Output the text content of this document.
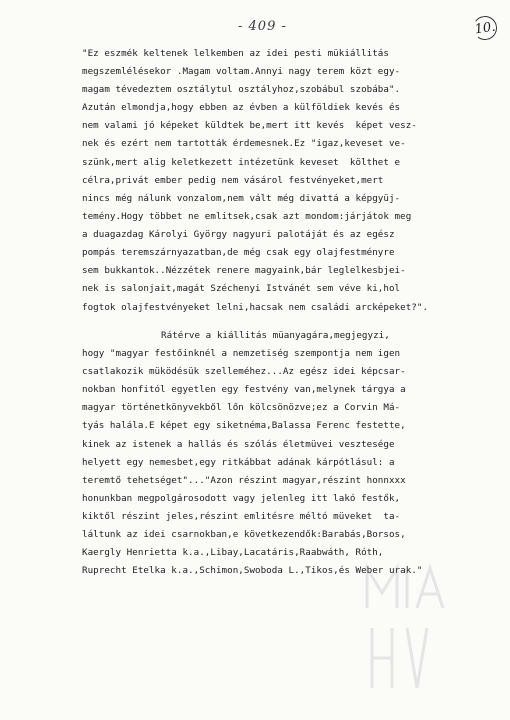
- 409 -	10.
"Ez eszmék keltenek lelkemben az idei pesti mükiállitás
megszemlélésekor .Magam voltam.Annyi nagy terem közt egy-
magam tévedeztem osztálytul osztályhoz,szobábul szobába".
Azután elmondja,hogy ebben az évben a külföldiek kevés és
nem valami jó képeket küldtek be,mert itt kevés  képet vesz-
nek és ezért nem tartották érdemesnek.Ez "igaz,keveset ve-
szünk,mert alig keletkezett intézetünk keveset  költhet e
célra,privát ember pedig nem vásárol festvényeket,mert
nincs még nálunk vonzalom,nem vált még divattá a képgyüj-
temény.Hogy többet ne emlitsek,csak azt mondom:járjátok meg
a duagazdag Károlyi György nagyuri palotáját és az egész
pompás teremszárnyazatban,de még csak egy olajfestményre
sem bukkantok..Nézzétek renere magyaink,bár leglelkesbjei-
nek is salonjait,magát Széchenyi Istvánét sem véve ki,hol
fogtok olajfestvényeket lelni,hacsak nem családi arcképeket?".
Rátérve a kiállitás müanyagára,megjegyzi,
hogy "magyar festőinknél a nemzetiség szempontja nem igen
csatlakozik müködésük szelleméhez...Az egész idei képcsar-
nokban honfitól egyetlen egy festvény van,melynek tárgya a
magyar történetkönyvekből lőn kölcsönözve;ez a Corvin Má-
tyás halála.E képet egy siketnéma,Balassa Ferenc festette,
kinek az istenek a hallás és szólás életmüvei vesztesége
helyett egy nemesbet,egy ritkábbat adának kárpótlásul: a
teremtő tehetséget"..."Azon részint magyar,részint honnxxx
honunkban megpolgárosodott vagy jelenleg itt lakó festők,
kiktől részint jeles,részint emlitésre méltó müveket  ta-
láltunk az idei csarnokban,e következendők:Barabás,Borsos,
Kaergly Henrietta k.a.,Libay,Lacatáris,Raabwáth, Róth,
Ruprecht Etelka k.a.,Schimon,Swoboda L.,Tikos,és Weber urak."
